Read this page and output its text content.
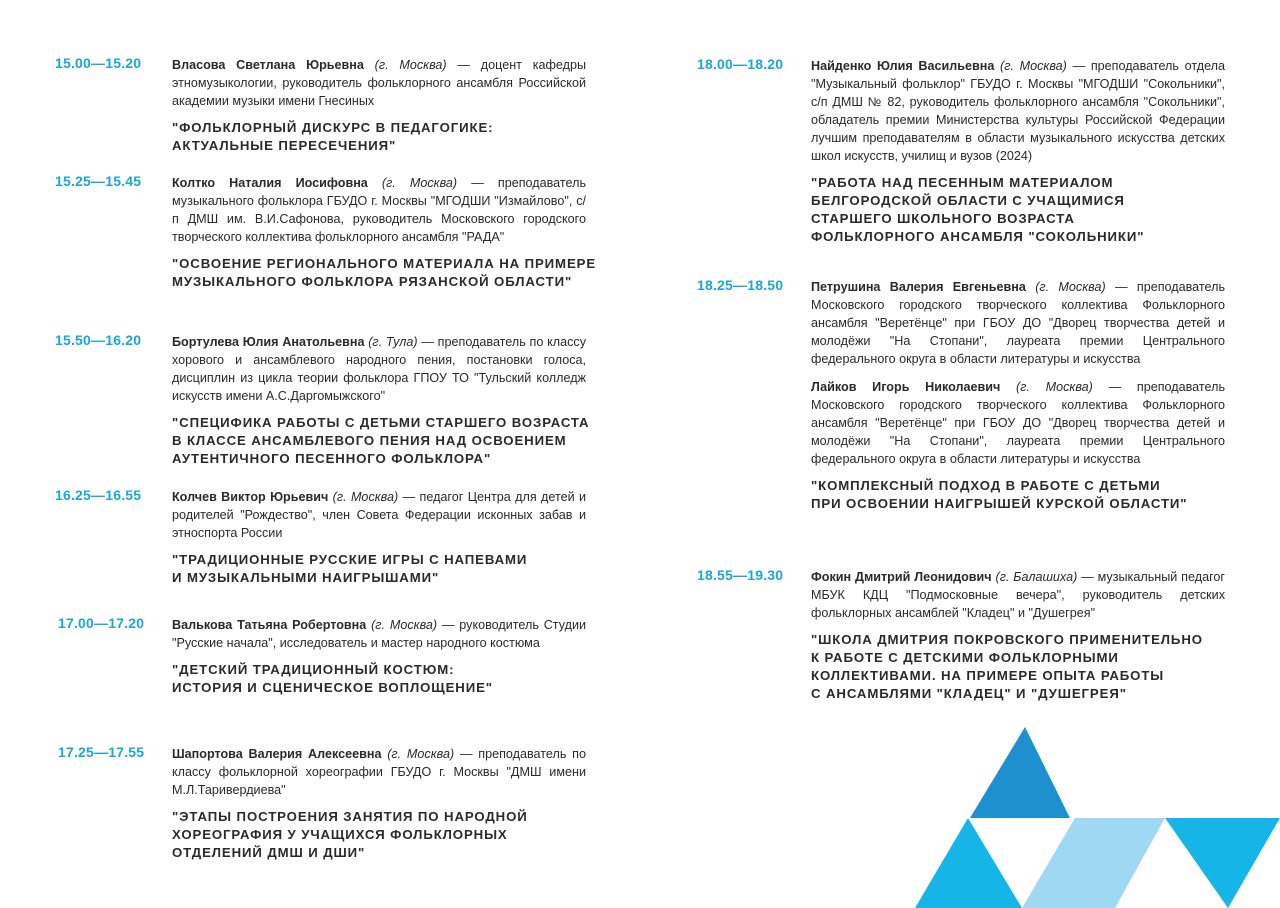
15.00—15.20	Власова Светлана Юрьевна (г. Москва) — доцент кафедры этномузыкологии, руководитель фольклорного ансамбля Российской академии музыки имени Гнесиных

"ФОЛЬКЛОРНЫЙ ДИСКУРС В ПЕДАГОГИКЕ:
АКТУАЛЬНЫЕ ПЕРЕСЕЧЕНИЯ"
15.25—15.45	Колтко Наталия Иосифовна (г. Москва) — преподаватель музыкального фольклора ГБУДО г. Москвы "МГОДШИ "Измайлово", с/п ДМШ им. В.И.Сафонова, руководитель Московского городского творческого коллектива фольклорного ансамбля "РАДА"

"ОСВОЕНИЕ РЕГИОНАЛЬНОГО МАТЕРИАЛА НА ПРИМЕРЕ
МУЗЫКАЛЬНОГО ФОЛЬКЛОРА РЯЗАНСКОЙ ОБЛАСТИ"
15.50—16.20	Бортулева Юлия Анатольевна (г. Тула) — преподаватель по классу хорового и ансамблевого народного пения, постановки голоса, дисциплин из цикла теории фольклора ГПОУ ТО "Тульский колледж искусств имени А.С.Даргомыжского"

"СПЕЦИФИКА РАБОТЫ С ДЕТЬМИ СТАРШЕГО ВОЗРАСТА
В КЛАССЕ АНСАМБЛЕВОГО ПЕНИЯ НАД ОСВОЕНИЕМ
АУТЕНТИЧНОГО ПЕСЕННОГО ФОЛЬКЛОРА"
16.25—16.55	Колчев Виктор Юрьевич (г. Москва) — педагог Центра для детей и родителей "Рождество", член Совета Федерации исконных забав и этноспорта России

"ТРАДИЦИОННЫЕ РУССКИЕ ИГРЫ С НАПЕВАМИ
И МУЗЫКАЛЬНЫМИ НАИГРЫШАМИ"
17.00—17.20	Валькова Татьяна Робертовна (г. Москва) — руководитель Студии "Русские начала", исследователь и мастер народного костюма

"ДЕТСКИЙ ТРАДИЦИОННЫЙ КОСТЮМ:
ИСТОРИЯ И СЦЕНИЧЕСКОЕ ВОПЛОЩЕНИЕ"
17.25—17.55	Шапортова Валерия Алексеевна (г. Москва) — преподаватель по классу фольклорной хореографии ГБУДО г. Москвы "ДМШ имени М.Л.Таривердиева"

"ЭТАПЫ ПОСТРОЕНИЯ ЗАНЯТИЯ ПО НАРОДНОЙ
ХОРЕОГРАФИЯ У УЧАЩИХСЯ ФОЛЬКЛОРНЫХ
ОТДЕЛЕНИЙ ДМШ И ДШИ"
18.00—18.20	Найденко Юлия Васильевна (г. Москва) — преподаватель отдела "Музыкальный фольклор" ГБУДО г. Москвы "МГОДШИ "Сокольники", с/п ДМШ № 82, руководитель фольклорного ансамбля "Сокольники", обладатель премии Министерства культуры Российской Федерации лучшим преподавателям в области музыкального искусства детских школ искусств, училищ и вузов (2024)

"РАБОТА НАД ПЕСЕННЫМ МАТЕРИАЛОМ
БЕЛГОРОДСКОЙ ОБЛАСТИ С УЧАЩИМИСЯ
СТАРШЕГО ШКОЛЬНОГО ВОЗРАСТА
ФОЛЬКЛОРНОГО АНСАМБЛЯ "СОКОЛЬНИКИ"
18.25—18.50	Петрушина Валерия Евгеньевна (г. Москва) — преподаватель Московского городского творческого коллектива Фольклорного ансамбля "Веретёнце" при ГБОУ ДО "Дворец творчества детей и молодёжи "На Стопани", лауреата премии Центрального федерального округа в области литературы и искусства

Лайков Игорь Николаевич (г. Москва) — преподаватель Московского городского творческого коллектива Фольклорного ансамбля "Веретёнце" при ГБОУ ДО "Дворец творчества детей и молодёжи "На Стопани", лауреата премии Центрального федерального округа в области литературы и искусства

"КОМПЛЕКСНЫЙ ПОДХОД В РАБОТЕ С ДЕТЬМИ
ПРИ ОСВОЕНИИ НАИГРЫШЕЙ КУРСКОЙ ОБЛАСТИ"
18.55—19.30	Фокин Дмитрий Леонидович (г. Балашиха) — музыкальный педагог МБУК КДЦ "Подмосковные вечера", руководитель детских фольклорных ансамблей "Кладец" и "Душегрея"

"ШКОЛА ДМИТРИЯ ПОКРОВСКОГО ПРИМЕНИТЕЛЬНО
К РАБОТЕ С ДЕТСКИМИ ФОЛЬКЛОРНЫМИ
КОЛЛЕКТИВАМИ. НА ПРИМЕРЕ ОПЫТА РАБОТЫ
С АНСАМБЛЯМИ "КЛАДЕЦ" И "ДУШЕГРЕЯ"
